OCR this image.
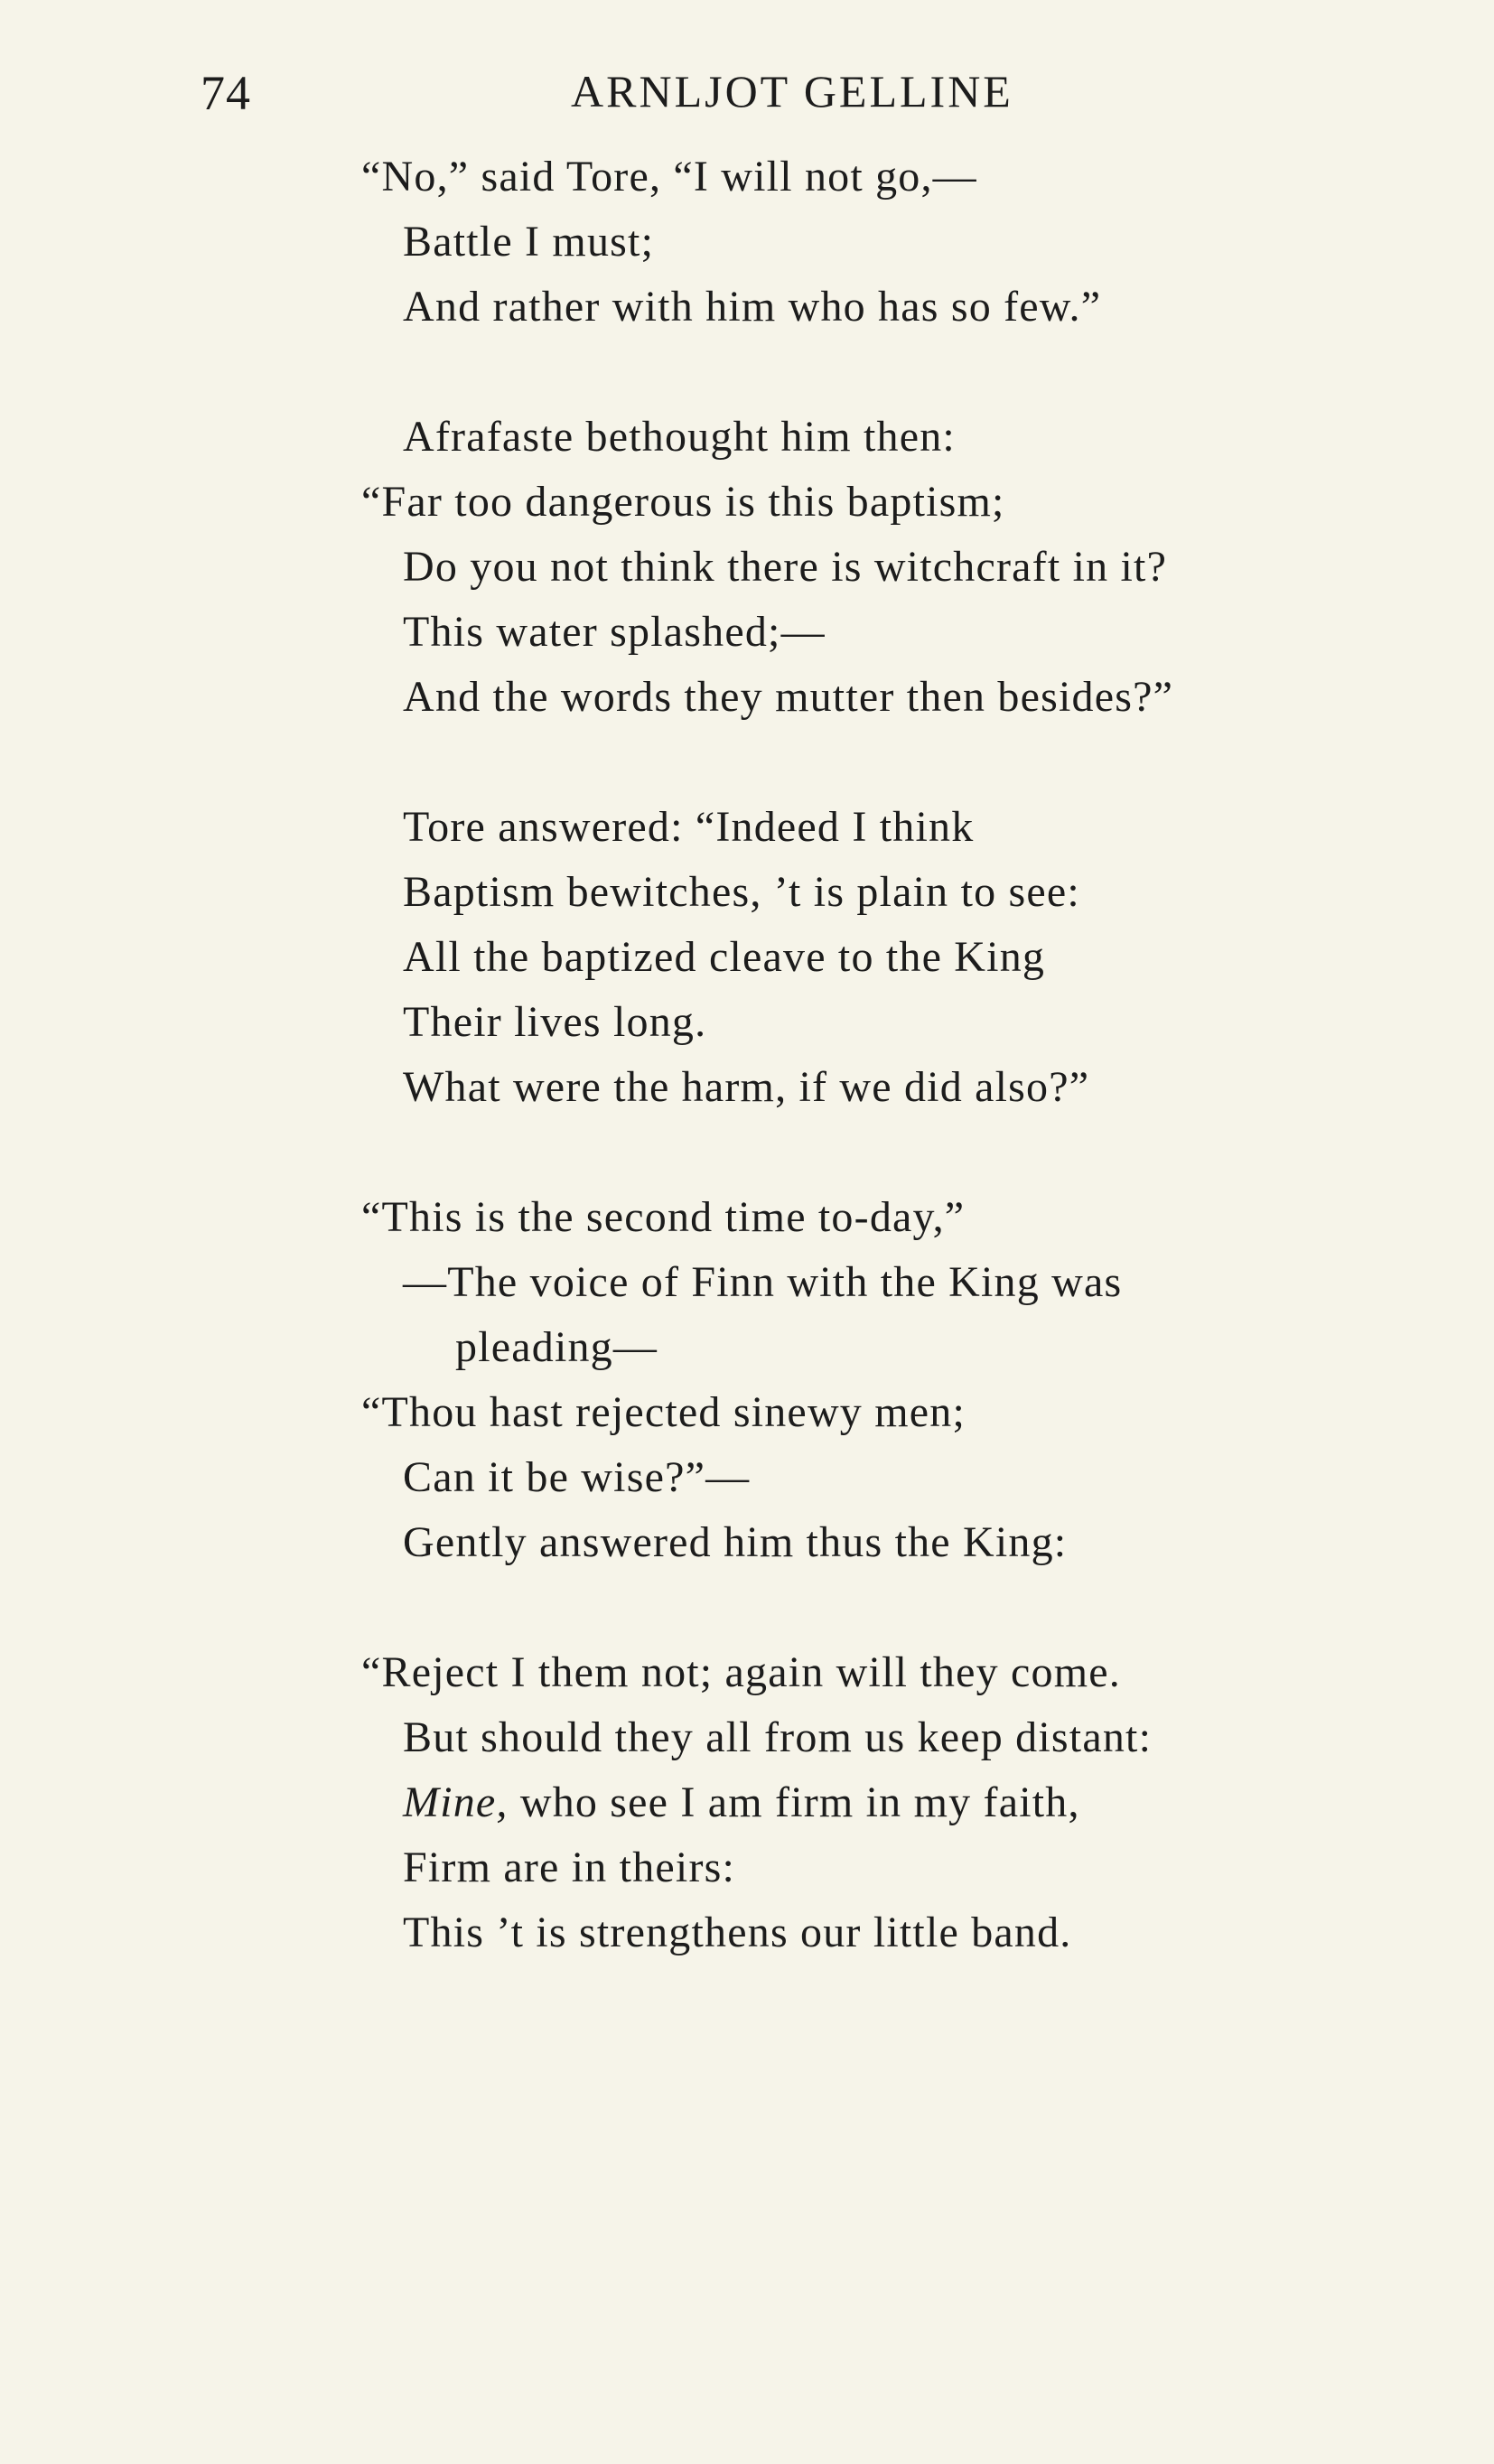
74	ARNLJOT GELLINE
“No,” said Tore, “I will not go,—
Battle I must;
And rather with him who has so few.”
Afrafaste bethought him then:
“Far too dangerous is this baptism;
Do you not think there is witchcraft in it?
This water splashed;—
And the words they mutter then besides?”
Tore answered: “Indeed I think
Baptism bewitches, ’t is plain to see:
All the baptized cleave to the King
Their lives long.
What were the harm, if we did also?”
“This is the second time to-day,”
—The voice of Finn with the King was
pleading—
“Thou hast rejected sinewy men;
Can it be wise?”—
Gently answered him thus the King:
“Reject I them not; again will they come.
But should they all from us keep distant:
Mine, who see I am firm in my faith,
Firm are in theirs:
This ’t is strengthens our little band.
